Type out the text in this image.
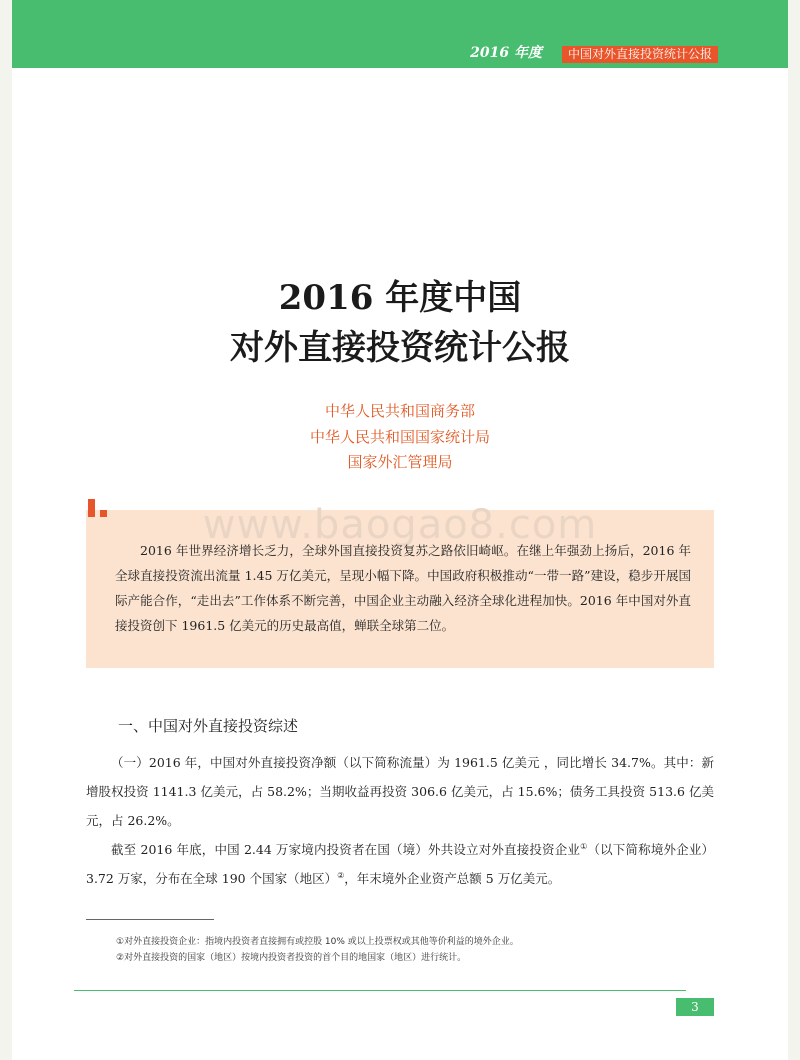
2016 年度	中国对外直接投资统计公报
2016 年度中国
对外直接投资统计公报
中华人民共和国商务部
中华人民共和国国家统计局
国家外汇管理局
www.baogao8.com
2016 年世界经济增长乏力，全球外国直接投资复苏之路依旧崎岖。在继上年强劲上扬后，2016 年全球直接投资流出流量 1.45 万亿美元，呈现小幅下降。中国政府积极推动“一带一路”建设，稳步开展国际产能合作，“走出去”工作体系不断完善，中国企业主动融入经济全球化进程加快。2016 年中国对外直接投资创下 1961.5 亿美元的历史最高值，蝉联全球第二位。
一、中国对外直接投资综述
（一）2016 年，中国对外直接投资净额（以下简称流量）为 1961.5 亿美元 ，同比增长 34.7%。其中：新增股权投资 1141.3 亿美元，占 58.2%；当期收益再投资 306.6 亿美元，占 15.6%；债务工具投资 513.6 亿美元，占 26.2%。
截至 2016 年底，中国 2.44 万家境内投资者在国（境）外共设立对外直接投资企业①（以下简称境外企业）3.72 万家，分布在全球 190 个国家（地区）②，年末境外企业资产总额 5 万亿美元。
①对外直接投资企业：指境内投资者直接拥有或控股 10% 或以上投票权或其他等价利益的境外企业。
②对外直接投资的国家（地区）按境内投资者投资的首个目的地国家（地区）进行统计。
3
